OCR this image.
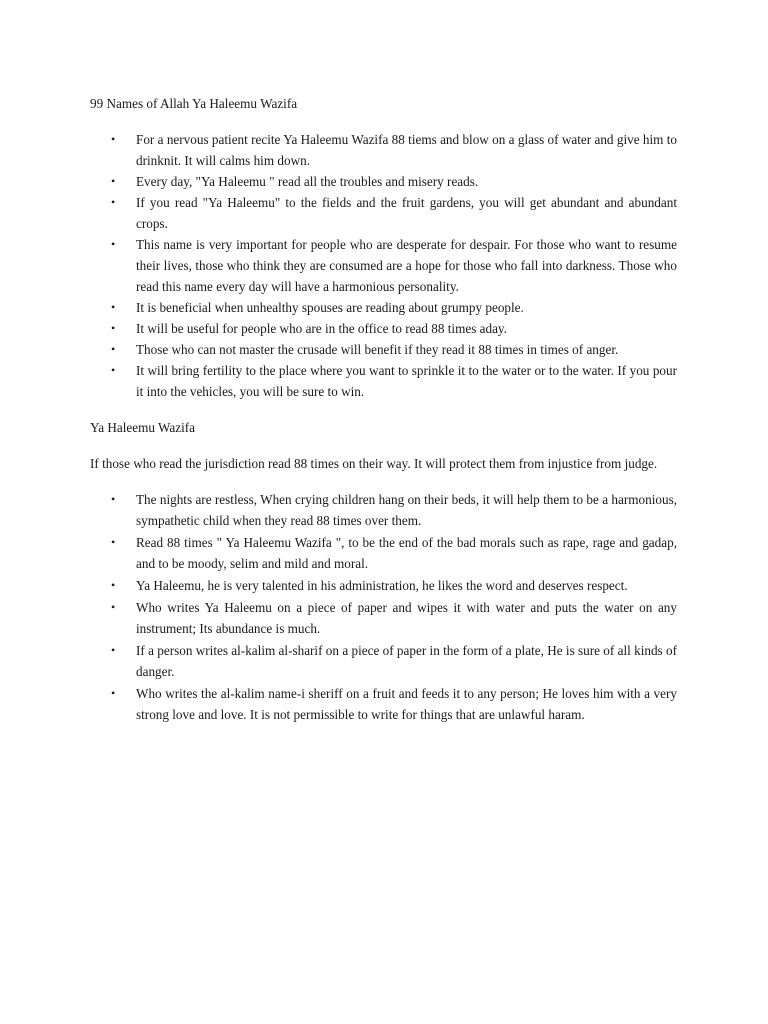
99 Names of Allah Ya Haleemu Wazifa

• For a nervous patient recite Ya Haleemu Wazifa 88 tiems and blow on a glass of water and give him to drinknit. It will calms him down.
• Every day, "Ya Haleemu " read all the troubles and misery reads.
• If you read "Ya Haleemu" to the fields and the fruit gardens, you will get abundant and abundant crops.
• This name is very important for people who are desperate for despair. For those who want to resume their lives, those who think they are consumed are a hope for those who fall into darkness. Those who read this name every day will have a harmonious personality.
• It is beneficial when unhealthy spouses are reading about grumpy people.
• It will be useful for people who are in the office to read 88 times aday.
• Those who can not master the crusade will benefit if they read it 88 times in times of anger.
• It will bring fertility to the place where you want to sprinkle it to the water or to the water. If you pour it into the vehicles, you will be sure to win.

Ya Haleemu Wazifa

If those who read the jurisdiction read 88 times on their way. It will protect them from injustice from judge.

• The nights are restless, When crying children hang on their beds, it will help them to be a harmonious, sympathetic child when they read 88 times over them.
• Read 88 times " Ya Haleemu Wazifa ", to be the end of the bad morals such as rape, rage and gadap, and to be moody, selim and mild and moral.
• Ya Haleemu, he is very talented in his administration, he likes the word and deserves respect.
• Who writes Ya Haleemu on a piece of paper and wipes it with water and puts the water on any instrument; Its abundance is much.
• If a person writes al-kalim al-sharif on a piece of paper in the form of a plate, He is sure of all kinds of danger.
• Who writes the al-kalim name-i sheriff on a fruit and feeds it to any person; He loves him with a very strong love and love. It is not permissible to write for things that are unlawful haram.
